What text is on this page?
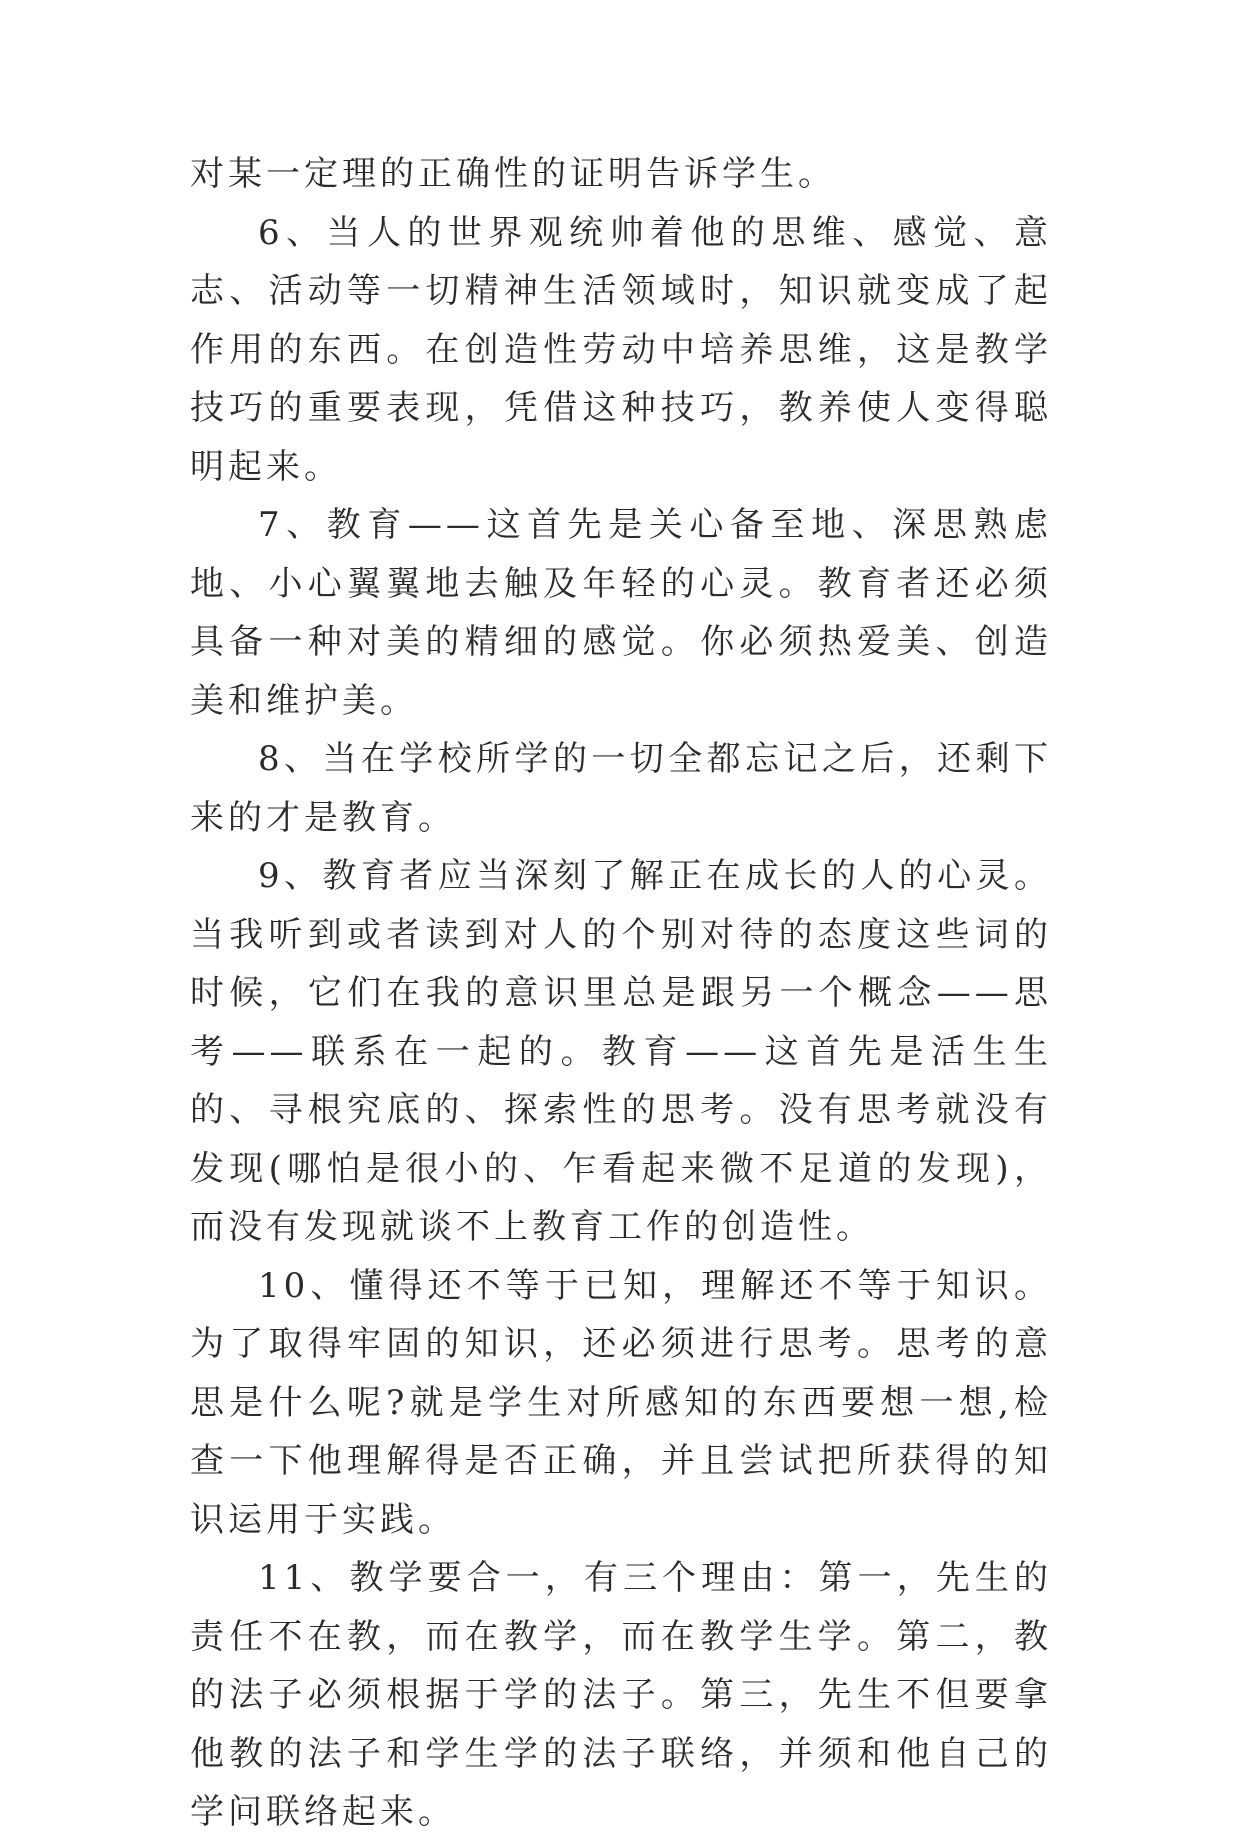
对某一定理的正确性的证明告诉学生。

6、当人的世界观统帅着他的思维、感觉、意志、活动等一切精神生活领域时，知识就变成了起作用的东西。在创造性劳动中培养思维，这是教学技巧的重要表现，凭借这种技巧，教养使人变得聪明起来。

7、教育——这首先是关心备至地、深思熟虑地、小心翼翼地去触及年轻的心灵。教育者还必须具备一种对美的精细的感觉。你必须热爱美、创造美和维护美。

8、当在学校所学的一切全都忘记之后，还剩下来的才是教育。

9、教育者应当深刻了解正在成长的人的心灵。当我听到或者读到对人的个别对待的态度这些词的时候，它们在我的意识里总是跟另一个概念——思考——联系在一起的。教育——这首先是活生生的、寻根究底的、探索性的思考。没有思考就没有发现(哪怕是很小的、乍看起来微不足道的发现)，而没有发现就谈不上教育工作的创造性。

10、懂得还不等于已知，理解还不等于知识。为了取得牢固的知识，还必须进行思考。思考的意思是什么呢?就是学生对所感知的东西要想一想,检查一下他理解得是否正确，并且尝试把所获得的知识运用于实践。

11、教学要合一，有三个理由：第一，先生的责任不在教，而在教学，而在教学生学。第二，教的法子必须根据于学的法子。第三，先生不但要拿他教的法子和学生学的法子联络，并须和他自己的学问联络起来。
